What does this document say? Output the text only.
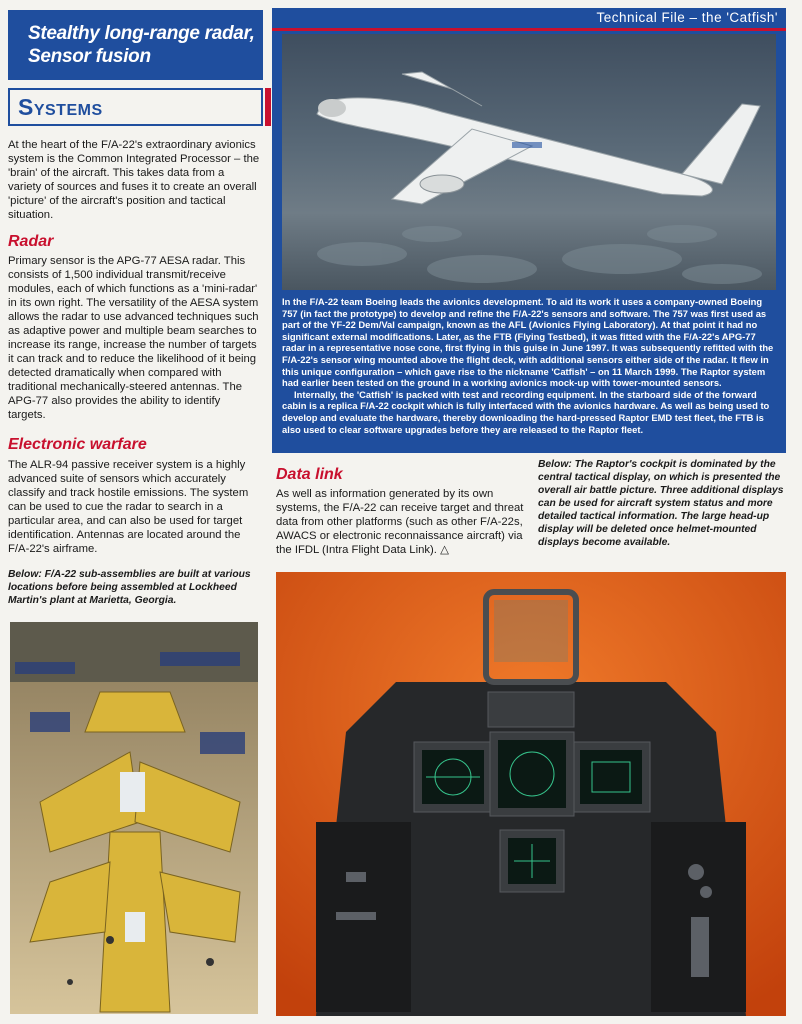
Stealthy long-range radar,
Sensor fusion
Systems
At the heart of the F/A-22's extraordinary avionics system is the Common Integrated Processor – the 'brain' of the aircraft. This takes data from a variety of sources and fuses it to create an overall 'picture' of the aircraft's position and tactical situation.
Radar
Primary sensor is the APG-77 AESA radar. This consists of 1,500 individual transmit/receive modules, each of which functions as a 'mini-radar' in its own right. The versatility of the AESA system allows the radar to use advanced techniques such as adaptive power and multiple beam searches to increase its range, increase the number of targets it can track and to reduce the likelihood of it being detected dramatically when compared with traditional mechanically-steered antennas. The APG-77 also provides the ability to identify targets.
Electronic warfare
The ALR-94 passive receiver system is a highly advanced suite of sensors which accurately classify and track hostile emissions. The system can be used to cue the radar to search in a particular area, and can also be used for target identification. Antennas are located around the F/A-22's airframe.
Below: F/A-22 sub-assemblies are built at various locations before being assembled at Lockheed Martin's plant at Marietta, Georgia.
Technical File – the 'Catfish'

In the F/A-22 team Boeing leads the avionics development. To aid its work it uses a company-owned Boeing 757 (in fact the prototype) to develop and refine the F/A-22's sensors and software. The 757 was first used as part of the YF-22 Dem/Val campaign, known as the AFL (Avionics Flying Laboratory). At that point it had no significant external modifications. Later, as the FTB (Flying Testbed), it was fitted with the F/A-22's APG-77 radar in a representative nose cone, first flying in this guise in June 1997. It was subsequently refitted with the F/A-22's sensor wing mounted above the flight deck, with additional sensors either side of the radar. It flew in this unique configuration – which gave rise to the nickname 'Catfish' – on 11 March 1999. The Raptor system had earlier been tested on the ground in a working avionics mock-up with tower-mounted sensors.

Internally, the 'Catfish' is packed with test and recording equipment. In the starboard side of the forward cabin is a replica F/A-22 cockpit which is fully interfaced with the avionics hardware. As well as being used to develop and evaluate the hardware, thereby downloading the hard-pressed Raptor EMD test fleet, the FTB is also used to clear software upgrades before they are released to the Raptor fleet.

Data link
As well as information generated by its own systems, the F/A-22 can receive target and threat data from other platforms (such as other F/A-22s, AWACS or electronic reconnaissance aircraft) via the IFDL (Intra Flight Data Link). △
Below: The Raptor's cockpit is dominated by the central tactical display, on which is presented the overall air battle picture. Three additional displays can be used for aircraft system status and more detailed tactical information. The large head-up display will be deleted once helmet-mounted displays become available.
